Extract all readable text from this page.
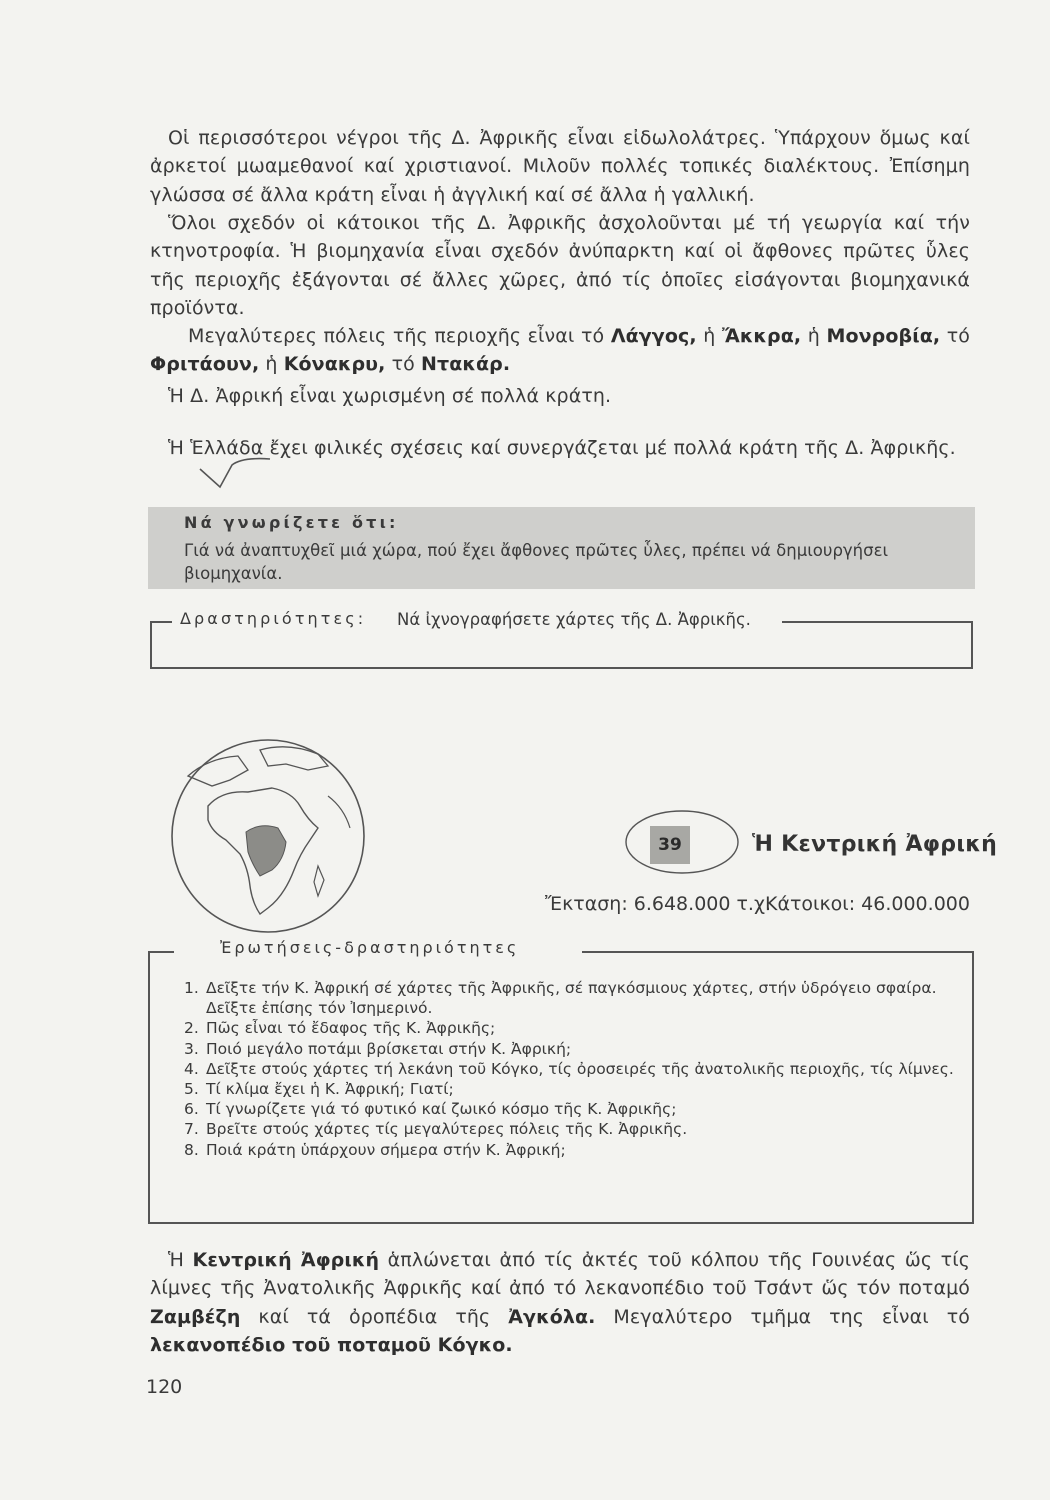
Οἱ περισσότεροι νέγροι τῆς Δ. Ἀφρικῆς εἶναι εἰδωλολάτρες. Ὑπάρχουν ὅμως καί ἀρκετοί μωαμεθανοί καί χριστιανοί. Μιλοῦν πολλές τοπικές διαλέκτους. Ἐπίσημη γλώσσα σέ ἄλλα κράτη εἶναι ἡ ἀγγλική καί σέ ἄλλα ἡ γαλλική.

Ὅλοι σχεδόν οἱ κάτοικοι τῆς Δ. Ἀφρικῆς ἀσχολοῦνται μέ τή γεωργία καί τήν κτηνοτροφία. Ἡ βιομηχανία εἶναι σχεδόν ἀνύπαρκτη καί οἱ ἄφθονες πρῶτες ὗλες τῆς περιοχῆς ἐξάγονται σέ ἄλλες χῶρες, ἀπό τίς ὁποῖες εἰσάγονται βιομηχανικά προϊόντα.

Μεγαλύτερες πόλεις τῆς περιοχῆς εἶναι τό Λάγγος, ἡ Ἄκκρα, ἡ Μονροβία, τό Φριτάουν, ἡ Κόνακρυ, τό Ντακάρ.

Ἡ Δ. Ἀφρική εἶναι χωρισμένη σέ πολλά κράτη.

Ἡ Ἑλλάδα ἔχει φιλικές σχέσεις καί συνεργάζεται μέ πολλά κράτη τῆς Δ. Ἀφρικῆς.

Νά γνωρίζετε ὅτι:
Γιά νά ἀναπτυχθεῖ μιά χώρα, πού ἔχει ἄφθονες πρῶτες ὗλες, πρέπει νά δημιουργήσει βιομηχανία.
Δραστηριότητες: Νά ἰχνογραφήσετε χάρτες τῆς Δ. Ἀφρικῆς.
39	Ἡ Κεντρική Ἀφρική
Ἔκταση: 6.648.000 τ.χ.
Κάτοικοι: 46.000.000
Ἐρωτήσεις-δραστηριότητες
1. Δεῖξτε τήν Κ. Ἀφρική σέ χάρτες τῆς Ἀφρικῆς, σέ παγκόσμιους χάρτες, στήν ὑδρόγειο σφαίρα. Δεῖξτε ἐπίσης τόν Ἰσημερινό.
2. Πῶς εἶναι τό ἔδαφος τῆς Κ. Ἀφρικῆς;
3. Ποιό μεγάλο ποτάμι βρίσκεται στήν Κ. Ἀφρική;
4. Δεῖξτε στούς χάρτες τή λεκάνη τοῦ Κόγκο, τίς ὀροσειρές τῆς ἀνατολικῆς περιοχῆς, τίς λίμνες.
5. Τί κλίμα ἔχει ἡ Κ. Ἀφρική; Γιατί;
6. Τί γνωρίζετε γιά τό φυτικό καί ζωικό κόσμο τῆς Κ. Ἀφρικῆς;
7. Βρεῖτε στούς χάρτες τίς μεγαλύτερες πόλεις τῆς Κ. Ἀφρικῆς.
8. Ποιά κράτη ὑπάρχουν σήμερα στήν Κ. Ἀφρική;

Ἡ Κεντρική Ἀφρική ἁπλώνεται ἀπό τίς ἀκτές τοῦ κόλπου τῆς Γουινέας ὥς τίς λίμνες τῆς Ἀνατολικῆς Ἀφρικῆς καί ἀπό τό λεκανοπέδιο τοῦ Τσάντ ὥς τόν ποταμό Ζαμβέζη καί τά ὀροπέδια τῆς Ἀγκόλα. Μεγαλύτερο τμῆμα της εἶναι τό λεκανοπέδιο τοῦ ποταμοῦ Κόγκο.

120
